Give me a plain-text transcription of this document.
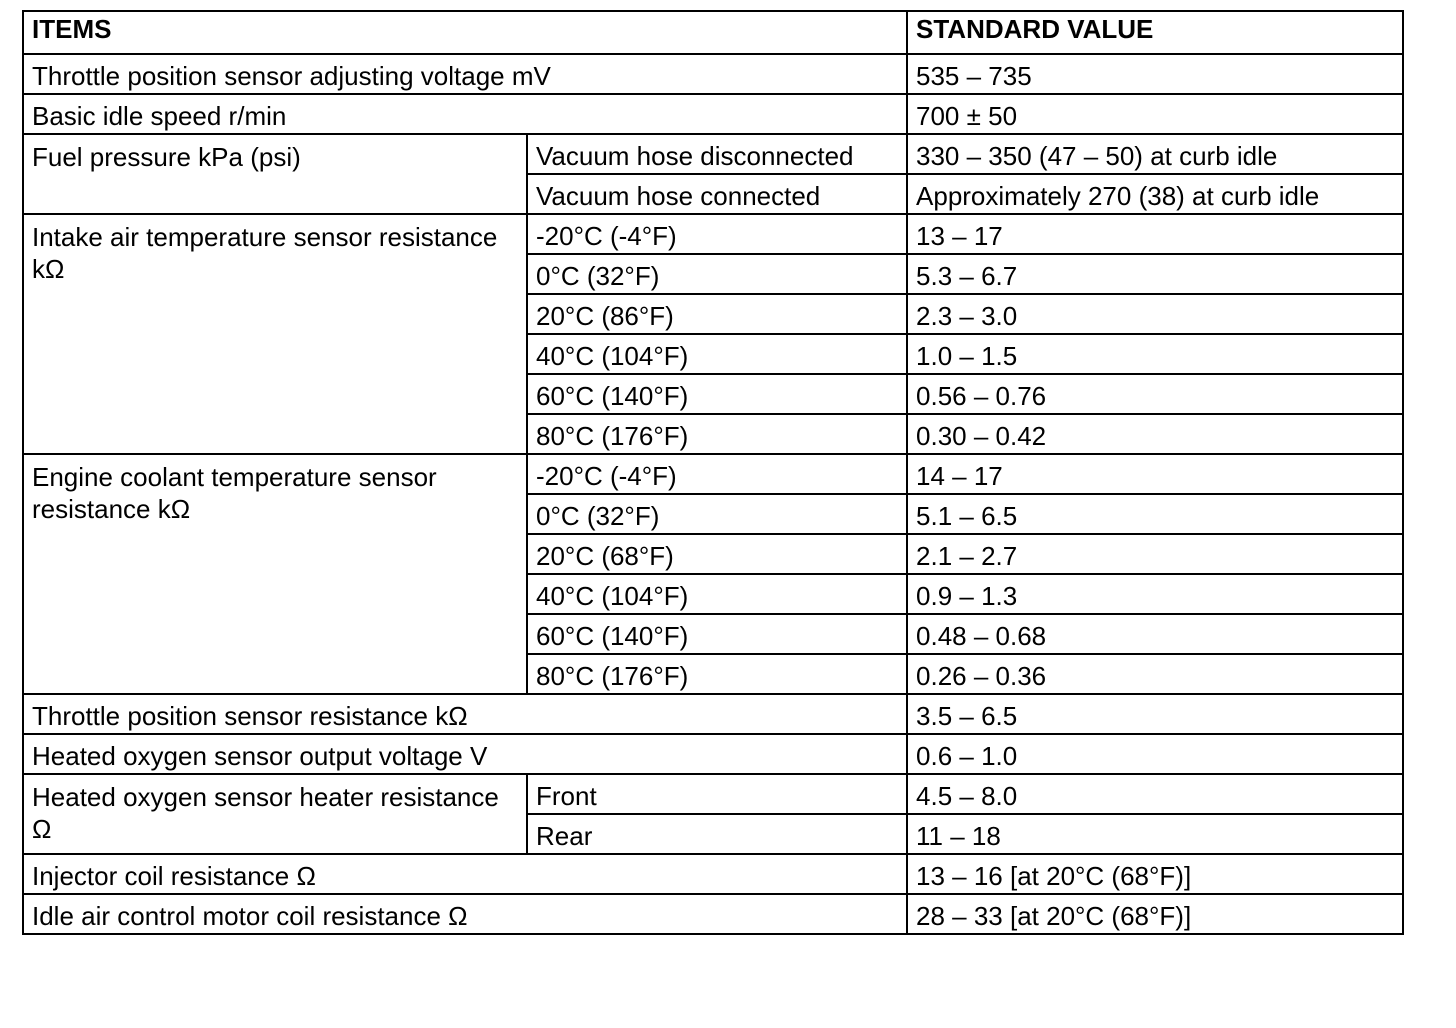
ITEMS		STANDARD VALUE
Throttle position sensor adjusting voltage mV		535 – 735
Basic idle speed r/min		700 ± 50
Fuel pressure kPa (psi)	Vacuum hose disconnected	330 – 350 (47 – 50) at curb idle
	Vacuum hose connected	Approximately 270 (38) at curb idle
Intake air temperature sensor resistance kΩ	-20°C (-4°F)	13 – 17
	0°C (32°F)	5.3 – 6.7
	20°C (86°F)	2.3 – 3.0
	40°C (104°F)	1.0 – 1.5
	60°C (140°F)	0.56 – 0.76
	80°C (176°F)	0.30 – 0.42
Engine coolant temperature sensor resistance kΩ	-20°C (-4°F)	14 – 17
	0°C (32°F)	5.1 – 6.5
	20°C (68°F)	2.1 – 2.7
	40°C (104°F)	0.9 – 1.3
	60°C (140°F)	0.48 – 0.68
	80°C (176°F)	0.26 – 0.36
Throttle position sensor resistance kΩ		3.5 – 6.5
Heated oxygen sensor output voltage V		0.6 – 1.0
Heated oxygen sensor heater resistance Ω	Front	4.5 – 8.0
	Rear	11 – 18
Injector coil resistance Ω		13 – 16 [at 20°C (68°F)]
Idle air control motor coil resistance Ω		28 – 33 [at 20°C (68°F)]
